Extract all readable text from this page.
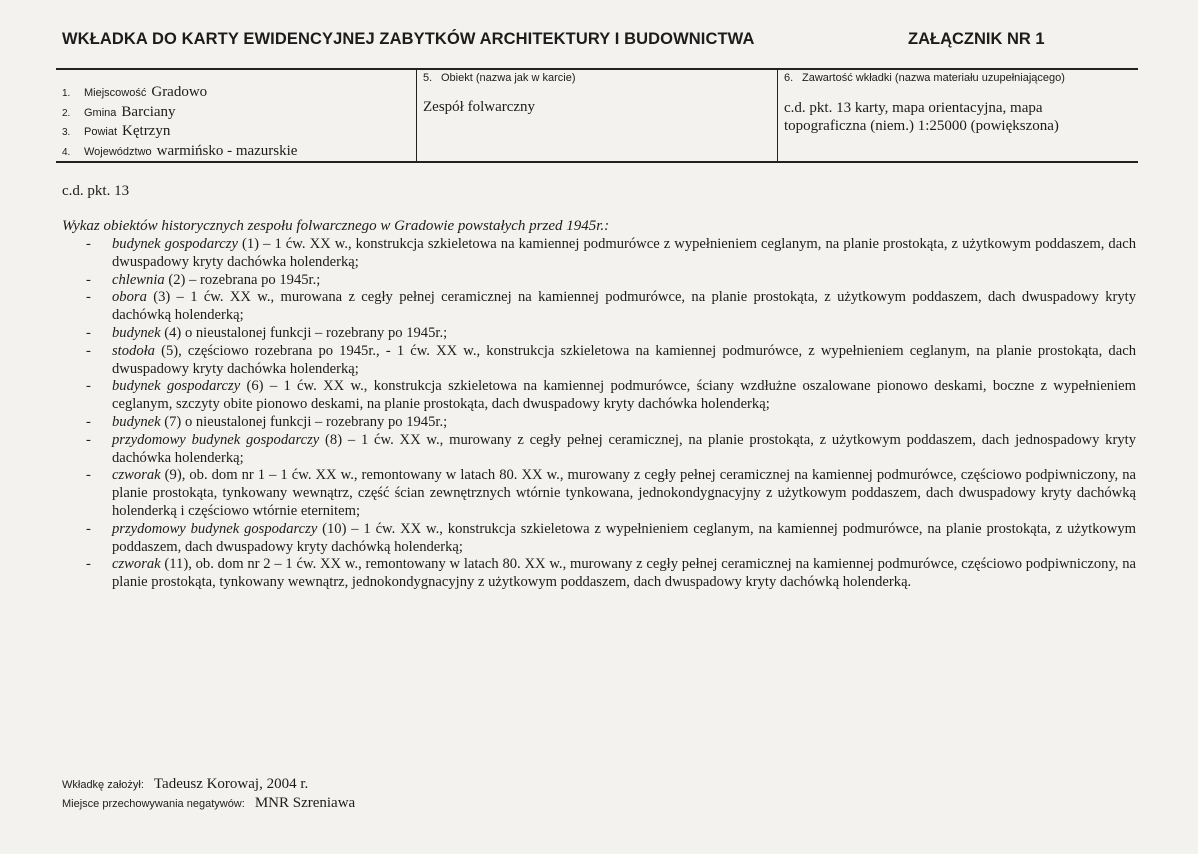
WKŁADKA DO KARTY EWIDENCYJNEJ ZABYTKÓW ARCHITEKTURY I BUDOWNICTWA	ZAŁĄCZNIK NR 1
1.	Miejscowość Gradowo
2.	Gmina Barciany
3.	Powiat Kętrzyn
4.	Województwo warmińsko - mazurskie
5. Obiekt (nazwa jak w karcie)
Zespół folwarczny
6. Zawartość wkładki (nazwa materiału uzupełniającego)
c.d. pkt. 13 karty, mapa orientacyjna, mapa
topograficzna (niem.) 1:25000 (powiększona)
c.d. pkt. 13
Wykaz obiektów historycznych zespołu folwarcznego w Gradowie powstałych przed 1945r.:
-	budynek gospodarczy (1) – 1 ćw. XX w., konstrukcja szkieletowa na kamiennej podmurówce z wypełnieniem ceglanym, na planie prostokąta, z użytkowym poddaszem, dach dwuspadowy kryty dachówka holenderką;
-	chlewnia (2) – rozebrana po 1945r.;
-	obora (3) – 1 ćw. XX w., murowana z cegły pełnej ceramicznej na kamiennej podmurówce, na planie prostokąta, z użytkowym poddaszem, dach dwuspadowy kryty dachówką holenderką;
-	budynek (4) o nieustalonej funkcji – rozebrany po 1945r.;
-	stodoła (5), częściowo rozebrana po 1945r., - 1 ćw. XX w., konstrukcja szkieletowa na kamiennej podmurówce, z wypełnieniem ceglanym, na planie prostokąta, dach dwuspadowy kryty dachówka holenderką;
-	budynek gospodarczy (6) – 1 ćw. XX w., konstrukcja szkieletowa na kamiennej podmurówce, ściany wzdłużne oszalowane pionowo deskami, boczne z wypełnieniem ceglanym, szczyty obite pionowo deskami, na planie prostokąta, dach dwuspadowy kryty dachówka holenderką;
-	budynek (7) o nieustalonej funkcji – rozebrany po 1945r.;
-	przydomowy budynek gospodarczy (8) – 1 ćw. XX w., murowany z cegły pełnej ceramicznej, na planie prostokąta, z użytkowym poddaszem, dach jednospadowy kryty dachówka holenderką;
-	czworak (9), ob. dom nr 1 – 1 ćw. XX w., remontowany w latach 80. XX w., murowany z cegły pełnej ceramicznej na kamiennej podmurówce, częściowo podpiwniczony, na planie prostokąta, tynkowany wewnątrz, część ścian zewnętrznych wtórnie tynkowana, jednokondygnacyjny z użytkowym poddaszem, dach dwuspadowy kryty dachówką holenderką i częściowo wtórnie eternitem;
-	przydomowy budynek gospodarczy (10) – 1 ćw. XX w., konstrukcja szkieletowa z wypełnieniem ceglanym, na kamiennej podmurówce, na planie prostokąta, z użytkowym poddaszem, dach dwuspadowy kryty dachówką holenderką;
-	czworak (11), ob. dom nr 2 – 1 ćw. XX w., remontowany w latach 80. XX w., murowany z cegły pełnej ceramicznej na kamiennej podmurówce, częściowo podpiwniczony, na planie prostokąta, tynkowany wewnątrz, jednokondygnacyjny z użytkowym poddaszem, dach dwuspadowy kryty dachówką holenderką.
Wkładkę założył: Tadeusz Korowaj, 2004 r.
Miejsce przechowywania negatywów: MNR Szreniawa
